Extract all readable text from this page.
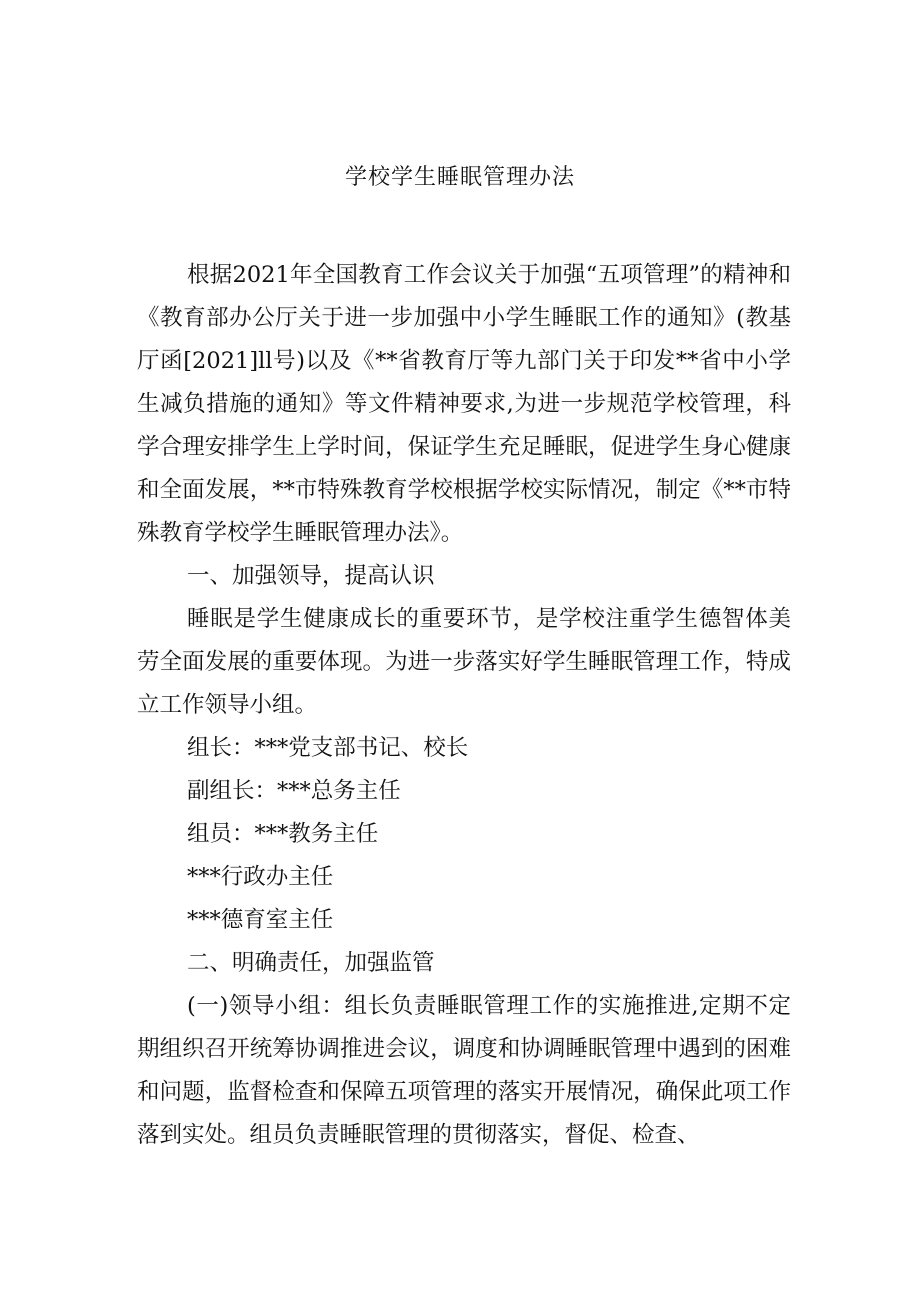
学校学生睡眠管理办法

根据2021年全国教育工作会议关于加强“五项管理”的精神和《教育部办公厅关于进一步加强中小学生睡眠工作的通知》(教基厅函[2021]ll号)以及《**省教育厅等九部门关于印发**省中小学生减负措施的通知》等文件精神要求,为进一步规范学校管理，科学合理安排学生上学时间，保证学生充足睡眠，促进学生身心健康和全面发展，**市特殊教育学校根据学校实际情况，制定《**市特殊教育学校学生睡眠管理办法》。

一、加强领导，提高认识

睡眠是学生健康成长的重要环节，是学校注重学生德智体美劳全面发展的重要体现。为进一步落实好学生睡眠管理工作，特成立工作领导小组。

组长：***党支部书记、校长

副组长：***总务主任

组员：***教务主任

***行政办主任

***德育室主任

二、明确责任，加强监管

(一)领导小组：组长负责睡眠管理工作的实施推进,定期不定期组织召开统筹协调推进会议，调度和协调睡眠管理中遇到的困难和问题，监督检查和保障五项管理的落实开展情况，确保此项工作落到实处。组员负责睡眠管理的贯彻落实，督促、检查、
